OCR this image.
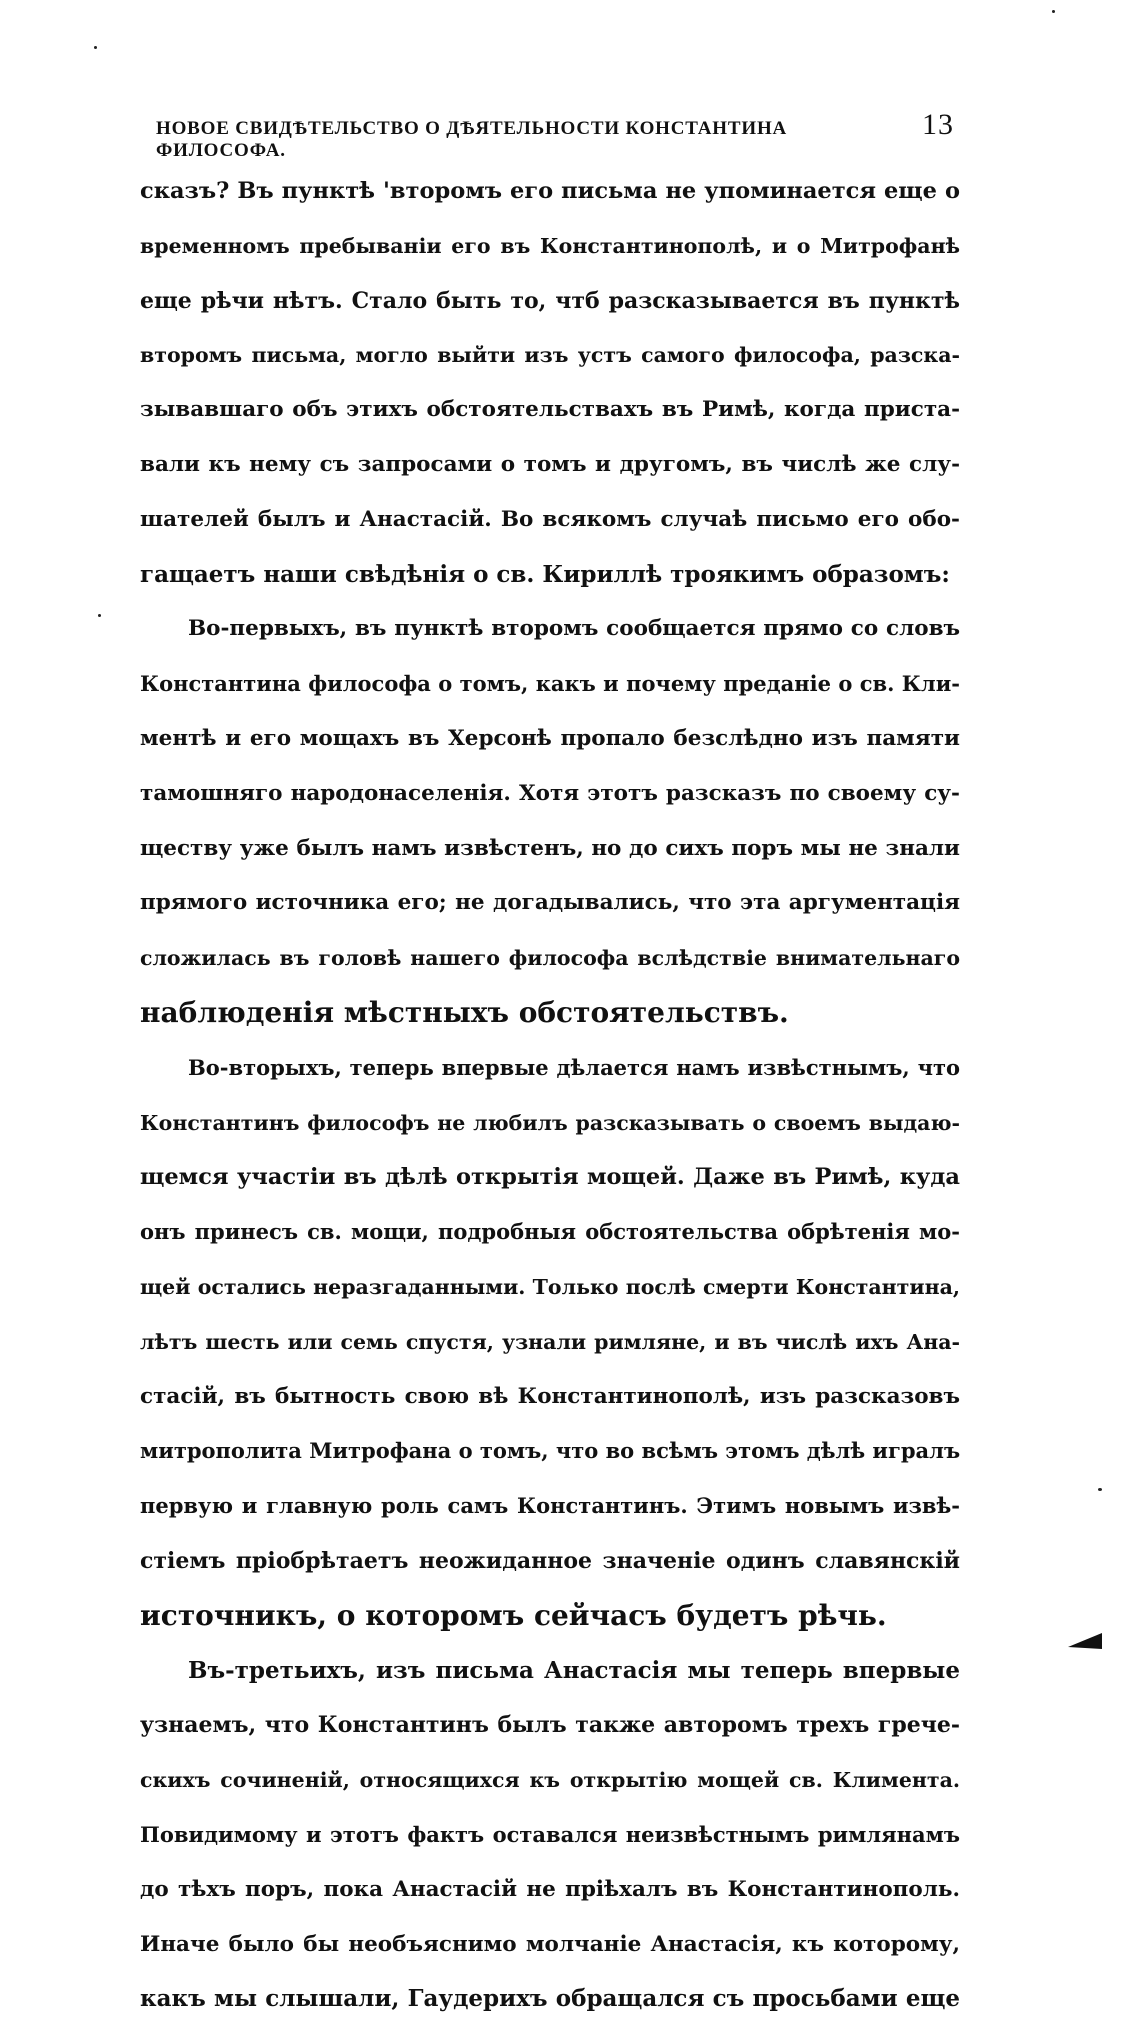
НОВОЕ СВИДѢТЕЛЬСТВО О ДѢЯТЕЛЬНОСТИ КОНСТАНТИНА ФИЛОСОФА.
13
сказъ? Въ пунктѣ 'второмъ его письма не упоминается еще о
временномъ пребываніи его въ Константинополѣ, и о Митрофанѣ
еще рѣчи нѣтъ. Стало быть то, чтб разсказывается въ пунктѣ
второмъ письма, могло выйти изъ устъ самого философа, разска-
зывавшаго объ этихъ обстоятельствахъ въ Римѣ, когда приста-
вали къ нему съ запросами о томъ и другомъ, въ числѣ же слу-
шателей былъ и Анастасій. Во всякомъ случаѣ письмо его обо-
гащаетъ наши свѣдѣнія о св. Кириллѣ троякимъ образомъ:
Во-первыхъ, въ пунктѣ второмъ сообщается прямо со словъ
Константина философа о томъ, какъ и почему преданіе о св. Кли-
ментѣ и его мощахъ въ Херсонѣ пропало безслѣдно изъ памяти
тамошняго народонаселенія. Хотя этотъ разсказъ по своему су-
ществу уже былъ намъ извѣстенъ, но до сихъ поръ мы не знали
прямого источника его; не догадывались, что эта аргументація
сложилась въ головѣ нашего философа вслѣдствіе внимательнаго
наблюденія мѣстныхъ обстоятельствъ.
Во-вторыхъ, теперь впервые дѣлается намъ извѣстнымъ, что
Константинъ философъ не любилъ разсказывать о своемъ выдаю-
щемся участіи въ дѣлѣ открытія мощей. Даже въ Римѣ, куда
онъ принесъ св. мощи, подробныя обстоятельства обрѣтенія мо-
щей остались неразгаданными. Только послѣ смерти Константина,
лѣтъ шесть или семь спустя, узнали римляне, и въ числѣ ихъ Ана-
стасій, въ бытность свою вѣ Константинополѣ, изъ разсказовъ
митрополита Митрофана о томъ, что во всѣмъ этомъ дѣлѣ игралъ
первую и главную роль самъ Константинъ. Этимъ новымъ извѣ-
стіемъ пріобрѣтаетъ неожиданное значеніе одинъ славянскій
источникъ, о которомъ сейчасъ будетъ рѣчь.
Въ-третьихъ, изъ письма Анастасія мы теперь впервые
узнаемъ, что Константинъ былъ также авторомъ трехъ грече-
скихъ сочиненій, относящихся къ открытію мощей св. Климента.
Повидимому и этотъ фактъ оставался неизвѣстнымъ римлянамъ
до тѣхъ поръ, пока Анастасій не пріѣхалъ въ Константинополь.
Иначе было бы необъяснимо молчаніе Анастасія, къ которому,
какъ мы слышали, Гаудерихъ обращался съ просьбами еще
